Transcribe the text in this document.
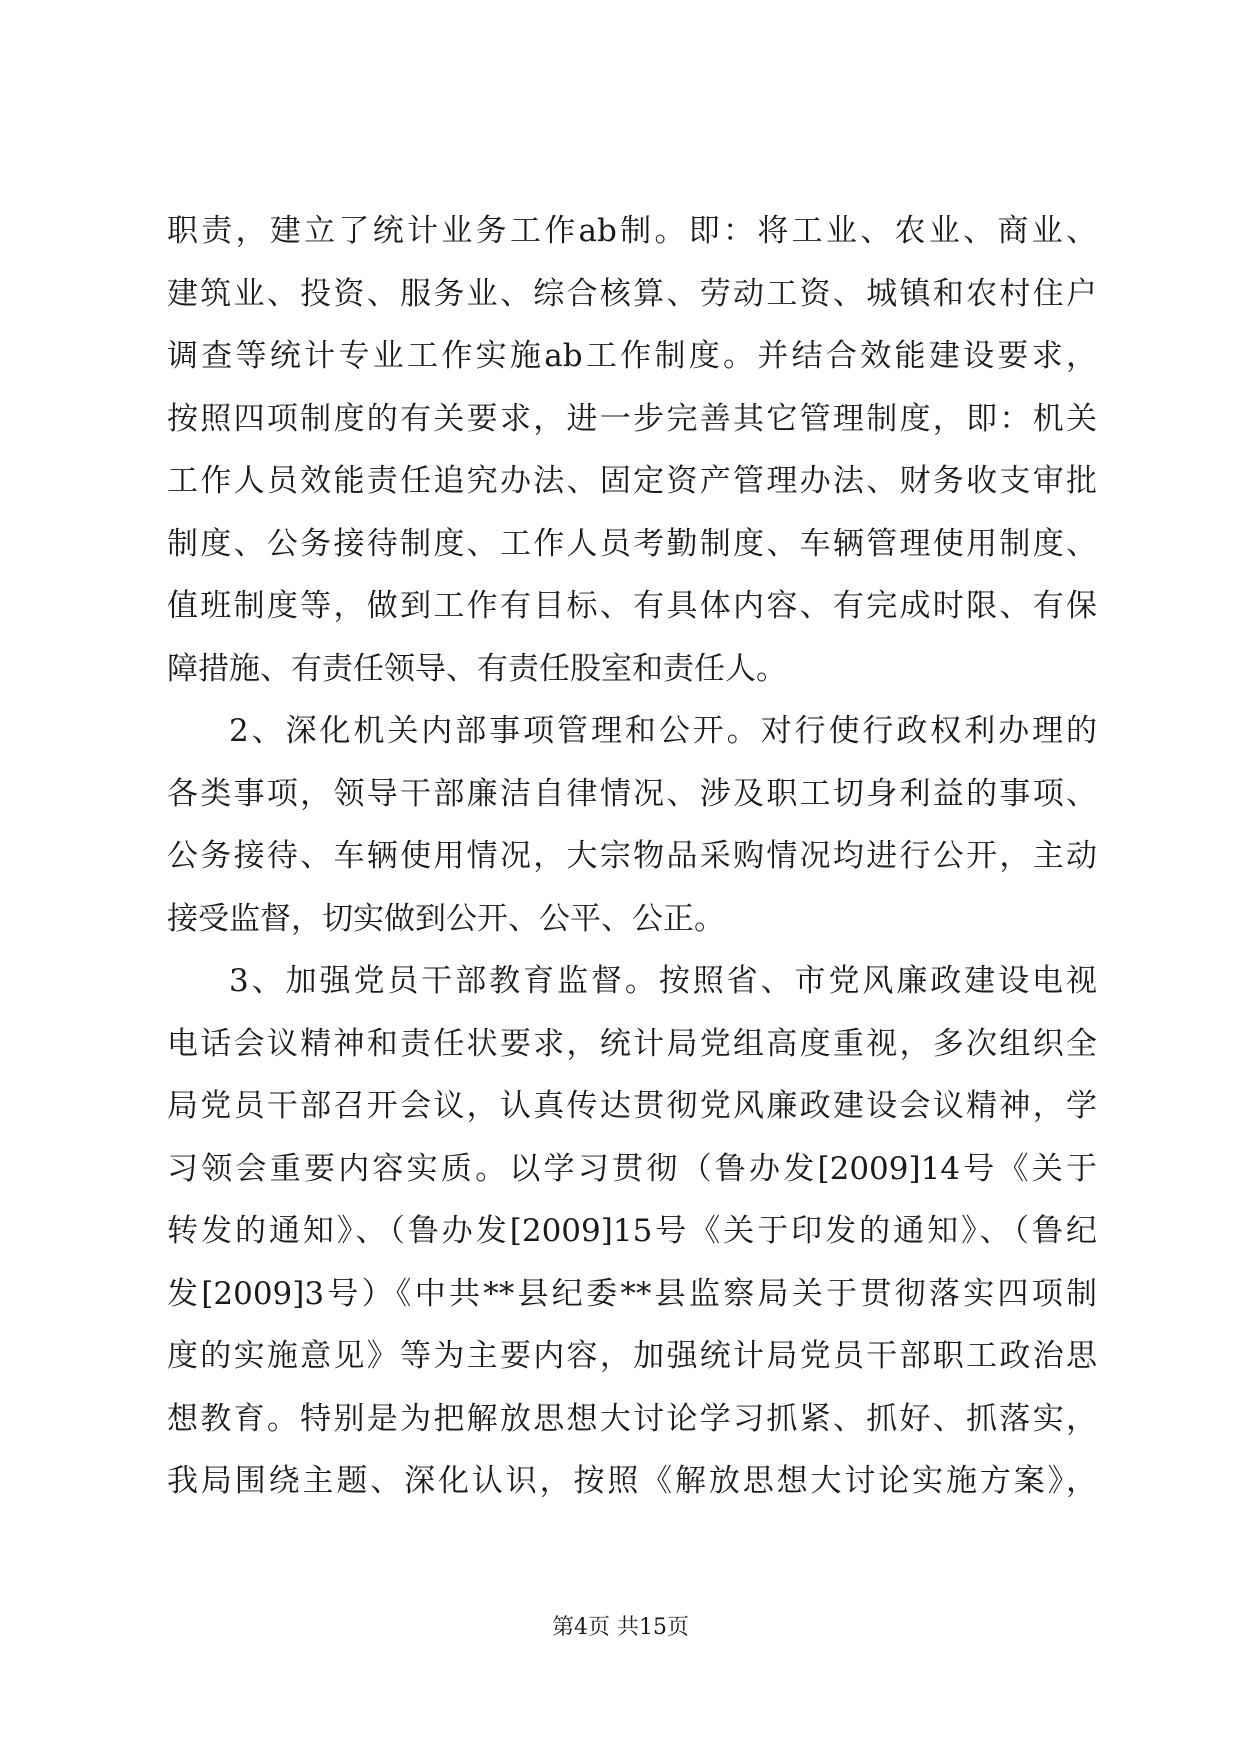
职责，建立了统计业务工作ab制。即：将工业、农业、商业、
建筑业、投资、服务业、综合核算、劳动工资、城镇和农村住户
调查等统计专业工作实施ab工作制度。并结合效能建设要求，
按照四项制度的有关要求，进一步完善其它管理制度，即：机关
工作人员效能责任追究办法、固定资产管理办法、财务收支审批
制度、公务接待制度、工作人员考勤制度、车辆管理使用制度、
值班制度等，做到工作有目标、有具体内容、有完成时限、有保
障措施、有责任领导、有责任股室和责任人。
2、深化机关内部事项管理和公开。对行使行政权利办理的
各类事项，领导干部廉洁自律情况、涉及职工切身利益的事项、
公务接待、车辆使用情况，大宗物品采购情况均进行公开，主动
接受监督，切实做到公开、公平、公正。
3、加强党员干部教育监督。按照省、市党风廉政建设电视
电话会议精神和责任状要求，统计局党组高度重视，多次组织全
局党员干部召开会议，认真传达贯彻党风廉政建设会议精神，学
习领会重要内容实质。以学习贯彻（鲁办发[2009]14号《关于
转发的通知》、（鲁办发[2009]15号《关于印发的通知》、（鲁纪
发[2009]3号）《中共**县纪委**县监察局关于贯彻落实四项制
度的实施意见》等为主要内容，加强统计局党员干部职工政治思
想教育。特别是为把解放思想大讨论学习抓紧、抓好、抓落实，
我局围绕主题、深化认识，按照《解放思想大讨论实施方案》，
第4页 共15页
